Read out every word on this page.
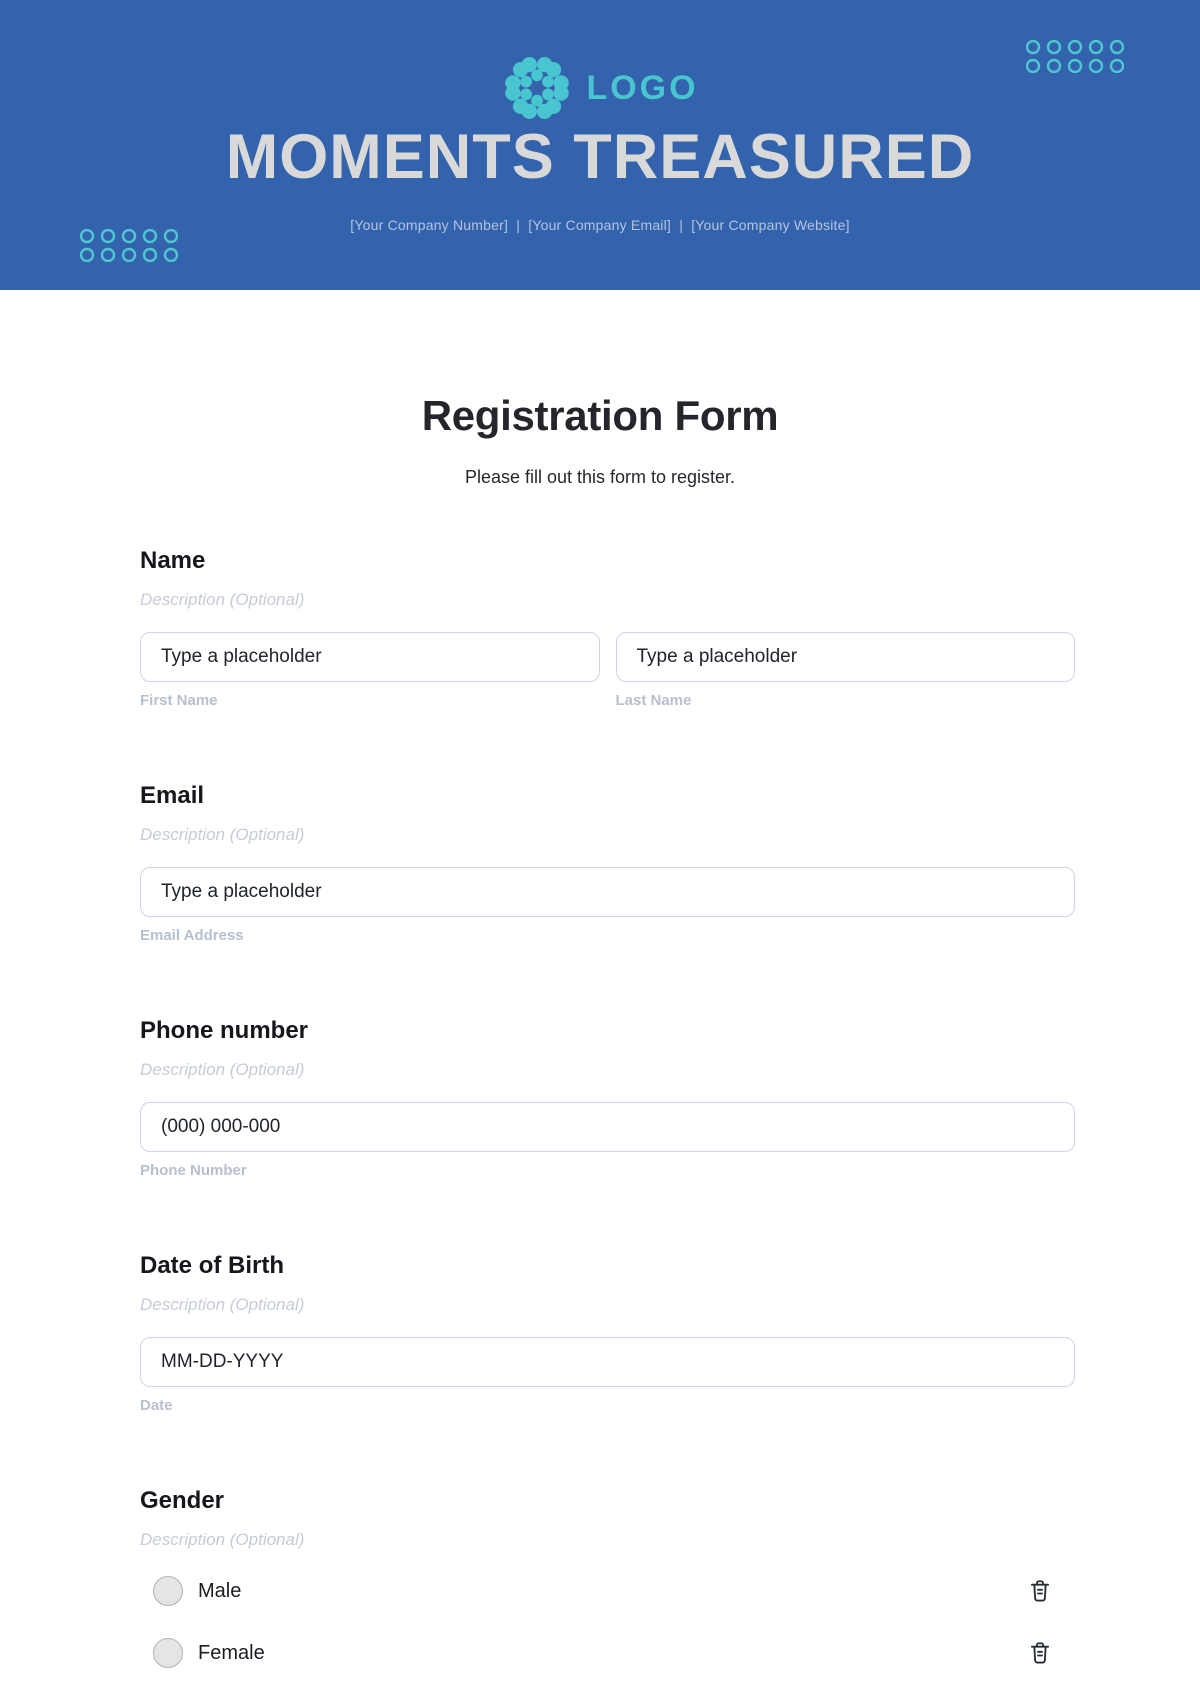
LOGO
MOMENTS TREASURED
[Your Company Number]  |  [Your Company Email]  |  [Your Company Website]
Registration Form
Please fill out this form to register.
Name
Description (Optional)
Type a placeholder
First Name
Type a placeholder	Last Name
Email
Description (Optional)
Type a placeholder
Email Address
Phone number
Description (Optional)
(000) 000-000
Phone Number
Date of Birth
Description (Optional)
MM-DD-YYYY
Date
Gender
Description (Optional)
Male
Female
